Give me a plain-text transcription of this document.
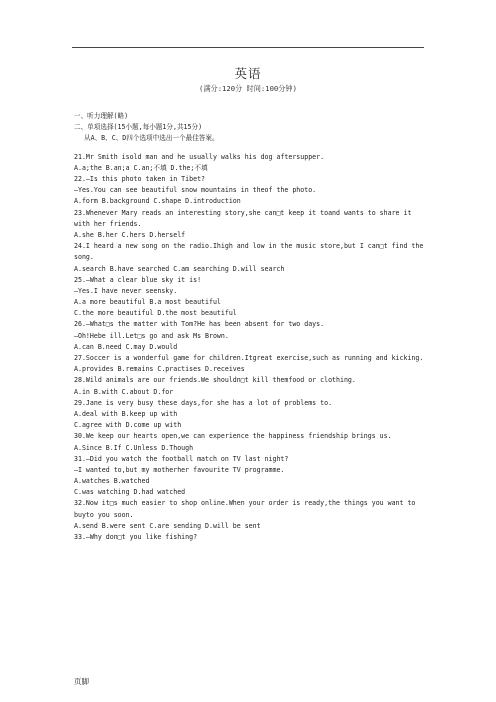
英语
(满分:120分 时间:100分钟)
一、听力理解(略)
二、单项选择(15小题,每小题1分,共15分)
从A、B、C、D四个选项中选出一个最佳答案。
21.Mr Smith isold man and he usually walks his dog aftersupper.
A.a;the B.an;a C.an;不填 D.the;不填
22.—Is this photo taken in Tibet?
—Yes.You can see beautiful snow mountains in theof the photo.
A.form B.background C.shape D.introduction
23.Whenever Mary reads an interesting story,she can□t keep it toand wants to share it with her friends.
A.she B.her C.hers D.herself
24.I heard a new song on the radio.Ihigh and low in the music store,but I can□t find the song.
A.search B.have searched C.am searching D.will search
25.—What a clear blue sky it is!
—Yes.I have never seensky.
A.a more beautiful B.a most beautiful
C.the more beautiful D.the most beautiful
26.—What□s the matter with Tom?He has been absent for two days.
—Oh!Hebe ill.Let□s go and ask Ms Brown.
A.can B.need C.may D.would
27.Soccer is a wonderful game for children.Itgreat exercise,such as running and kicking.
A.provides B.remains C.practises D.receives
28.Wild animals are our friends.We shouldn□t kill themfood or clothing.
A.in B.with C.about D.for
29.Jane is very busy these days,for she has a lot of problems to.
A.deal with B.keep up with
C.agree with D.come up with
30.We keep our hearts open,we can experience the happiness friendship brings us.
A.Since B.If C.Unless D.Though
31.—Did you watch the football match on TV last night?
—I wanted to,but my motherher favourite TV programme.
A.watches B.watched
C.was watching D.had watched
32.Now it□s much easier to shop online.When your order is ready,the things you want to buyto you soon.
A.send B.were sent C.are sending D.will be sent
33.—Why don□t you like fishing?
页脚
